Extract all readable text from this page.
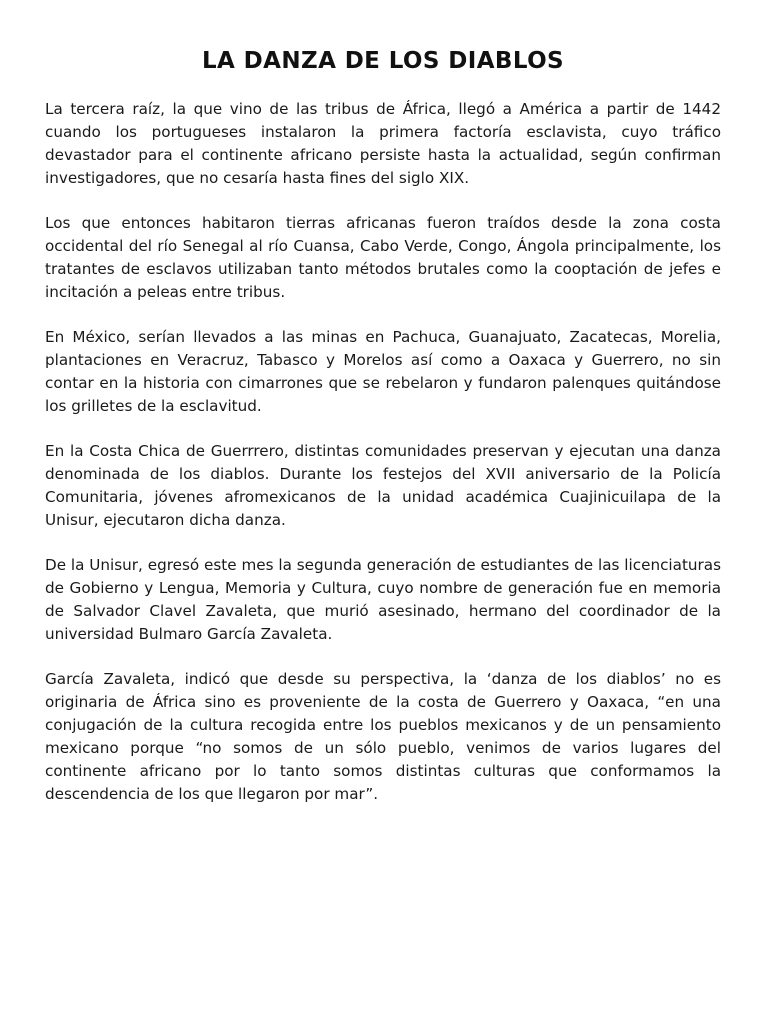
LA DANZA DE LOS DIABLOS

La tercera raíz, la que vino de las tribus de África, llegó a América a partir de 1442 cuando los portugueses instalaron la primera factoría esclavista, cuyo tráfico devastador para el continente africano persiste hasta la actualidad, según confirman investigadores, que no cesaría hasta fines del siglo XIX.

Los que entonces habitaron tierras africanas fueron traídos desde la zona costa occidental del río Senegal al río Cuansa, Cabo Verde, Congo, Ángola principalmente, los tratantes de esclavos utilizaban tanto métodos brutales como la cooptación de jefes e incitación a peleas entre tribus.

En México, serían llevados a las minas en Pachuca, Guanajuato, Zacatecas, Morelia, plantaciones en Veracruz, Tabasco y Morelos así como a Oaxaca y Guerrero, no sin contar en la historia con cimarrones que se rebelaron y fundaron palenques quitándose los grilletes de la esclavitud.

En la Costa Chica de Guerrrero, distintas comunidades preservan y ejecutan una danza denominada de los diablos. Durante los festejos del XVII aniversario de la Policía Comunitaria, jóvenes afromexicanos de la unidad académica Cuajinicuilapa de la Unisur, ejecutaron dicha danza.

De la Unisur, egresó este mes la segunda generación de estudiantes de las licenciaturas de Gobierno y Lengua, Memoria y Cultura, cuyo nombre de generación fue en memoria de Salvador Clavel Zavaleta, que murió asesinado, hermano del coordinador de la universidad Bulmaro García Zavaleta.

García Zavaleta, indicó que desde su perspectiva, la ‘danza de los diablos’ no es originaria de África sino es proveniente de la costa de Guerrero y Oaxaca, “en una conjugación de la cultura recogida entre los pueblos mexicanos y de un pensamiento mexicano porque “no somos de un sólo pueblo, venimos de varios lugares del continente africano por lo tanto somos distintas culturas que conformamos la descendencia de los que llegaron por mar”.
